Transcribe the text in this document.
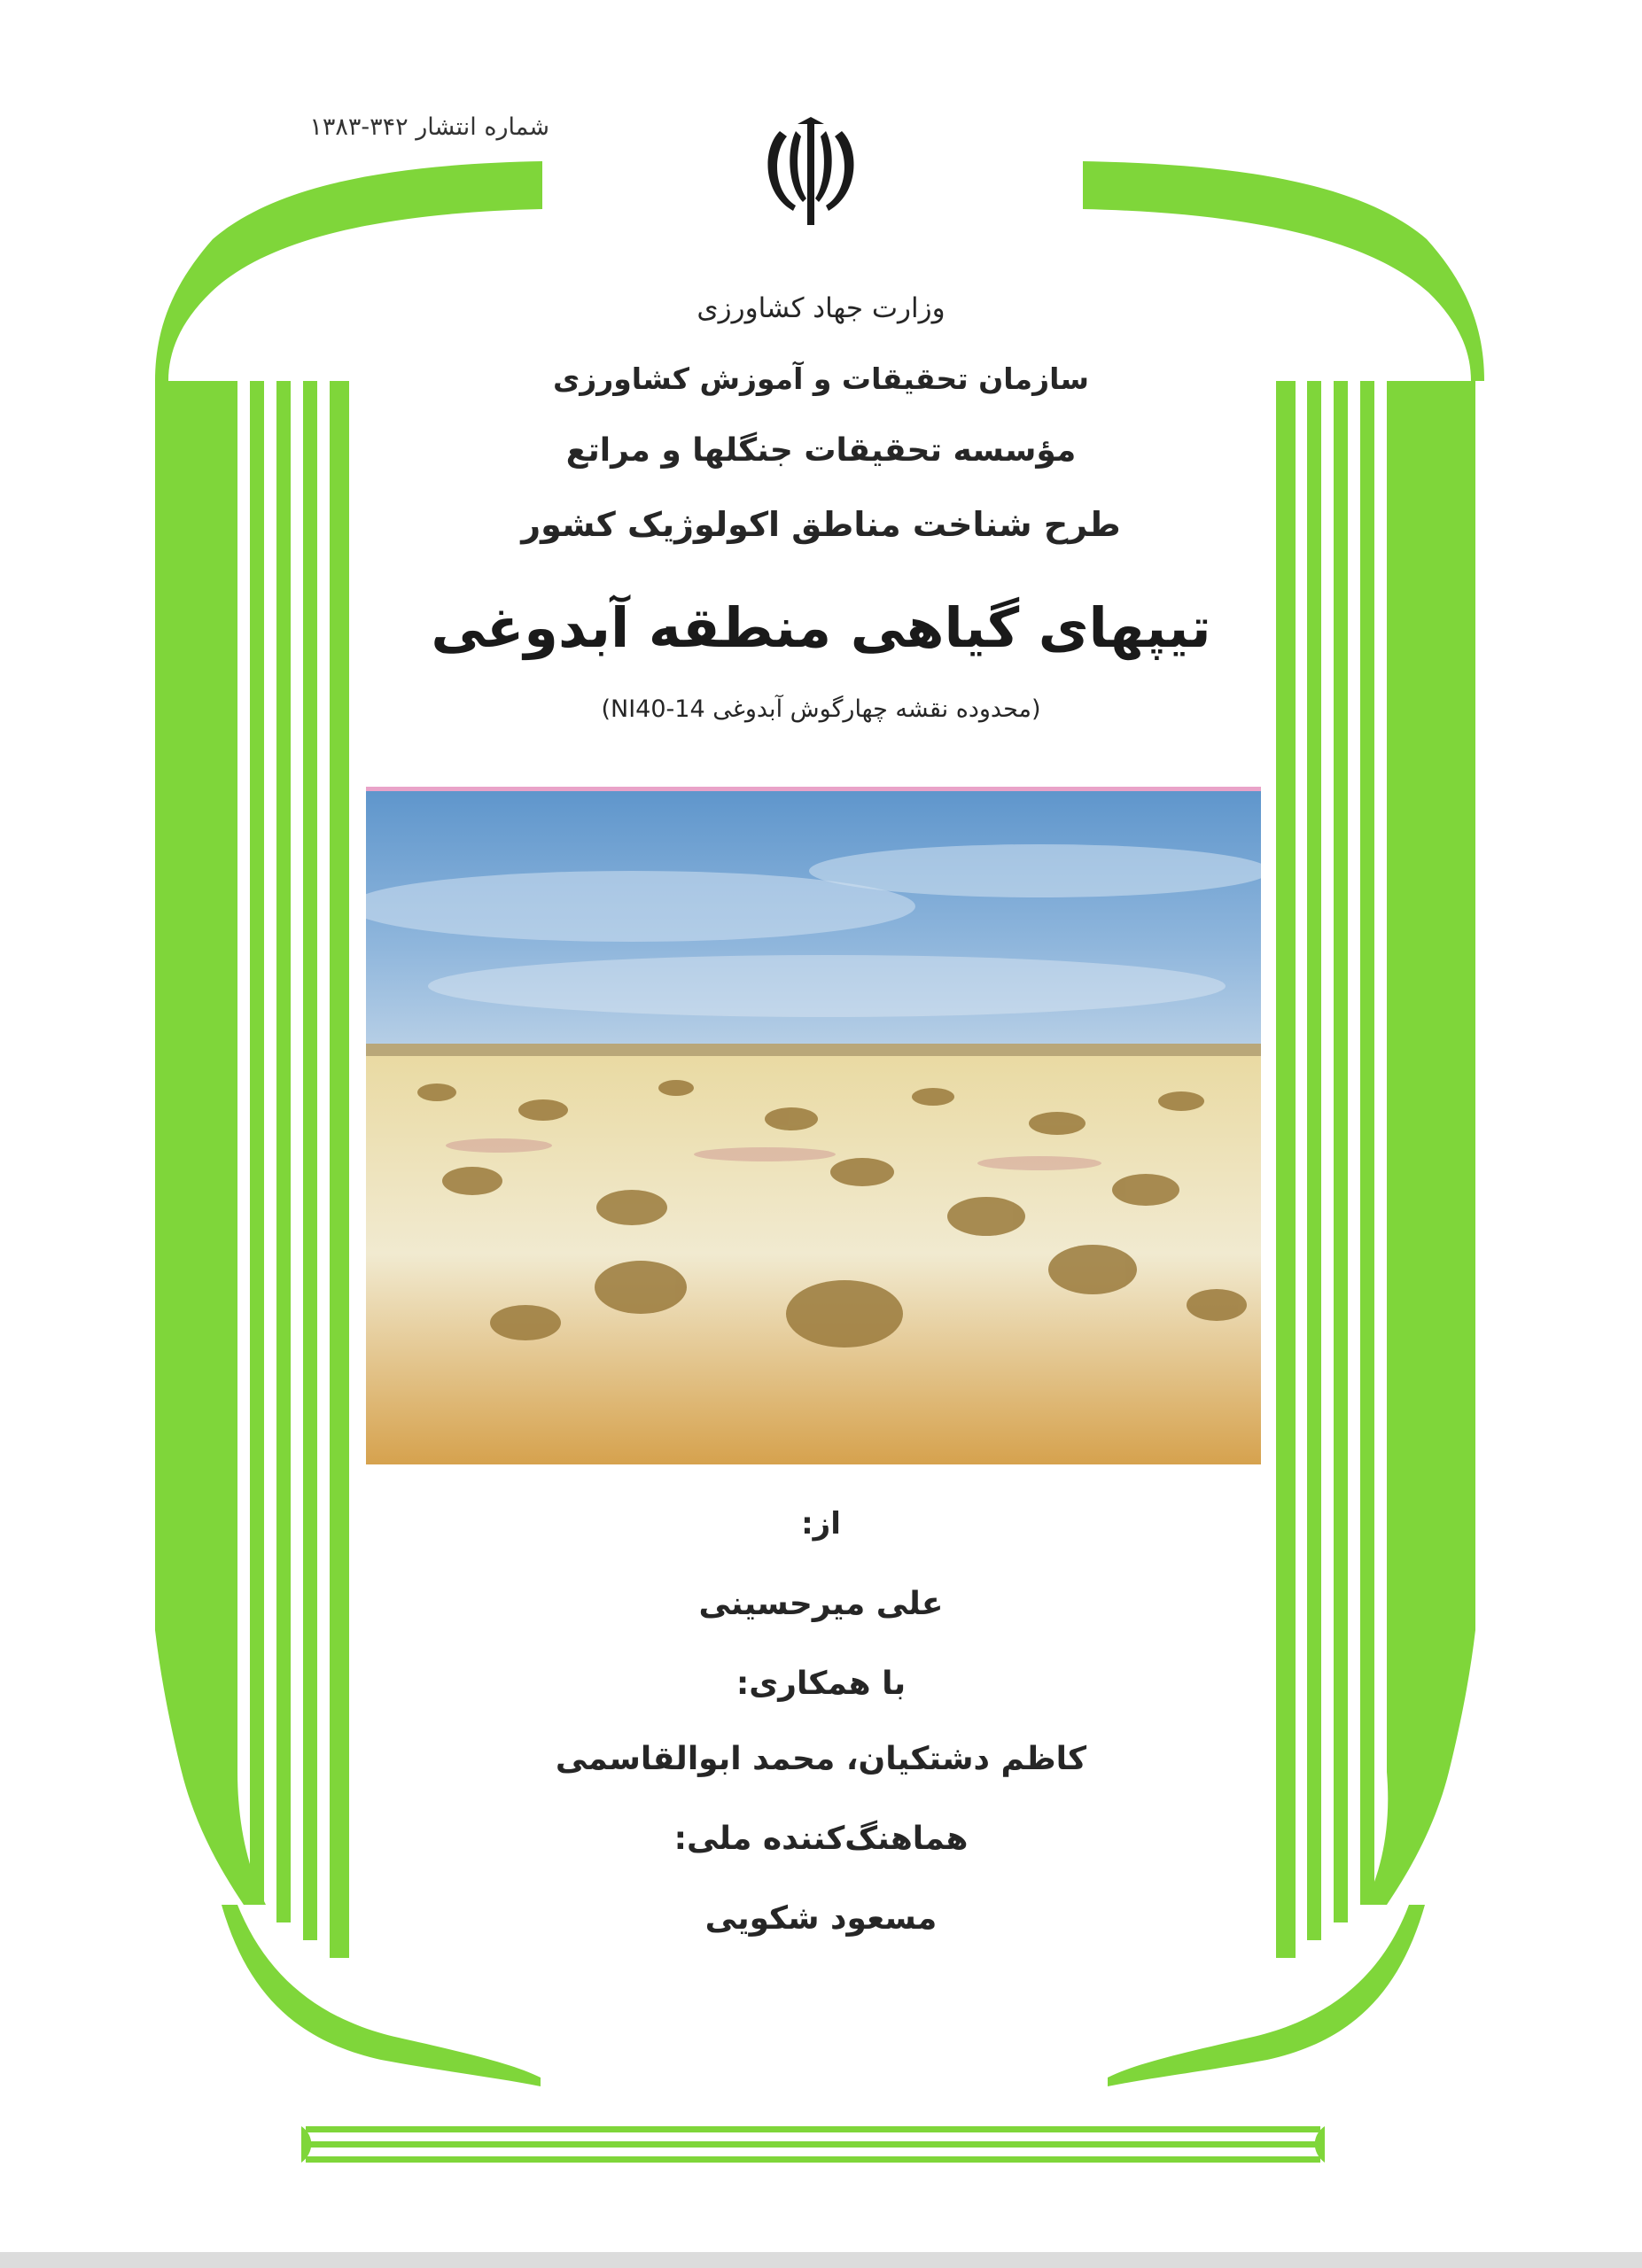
شماره انتشار ۳۴۲-۱۳۸۳
وزارت جهاد کشاورزی
سازمان تحقیقات و آموزش کشاورزی
مؤسسه تحقیقات جنگلها و مراتع
طرح شناخت مناطق اکولوژیک کشور
تیپهای گیاهی منطقه آبدوغی
(محدوده نقشه چهارگوش آبدوغی NI40-14)
از:
علی میرحسینی
با همکاری:
کاظم دشتکیان، محمد ابوالقاسمی
هماهنگ‌کننده ملی:
مسعود شکویی
